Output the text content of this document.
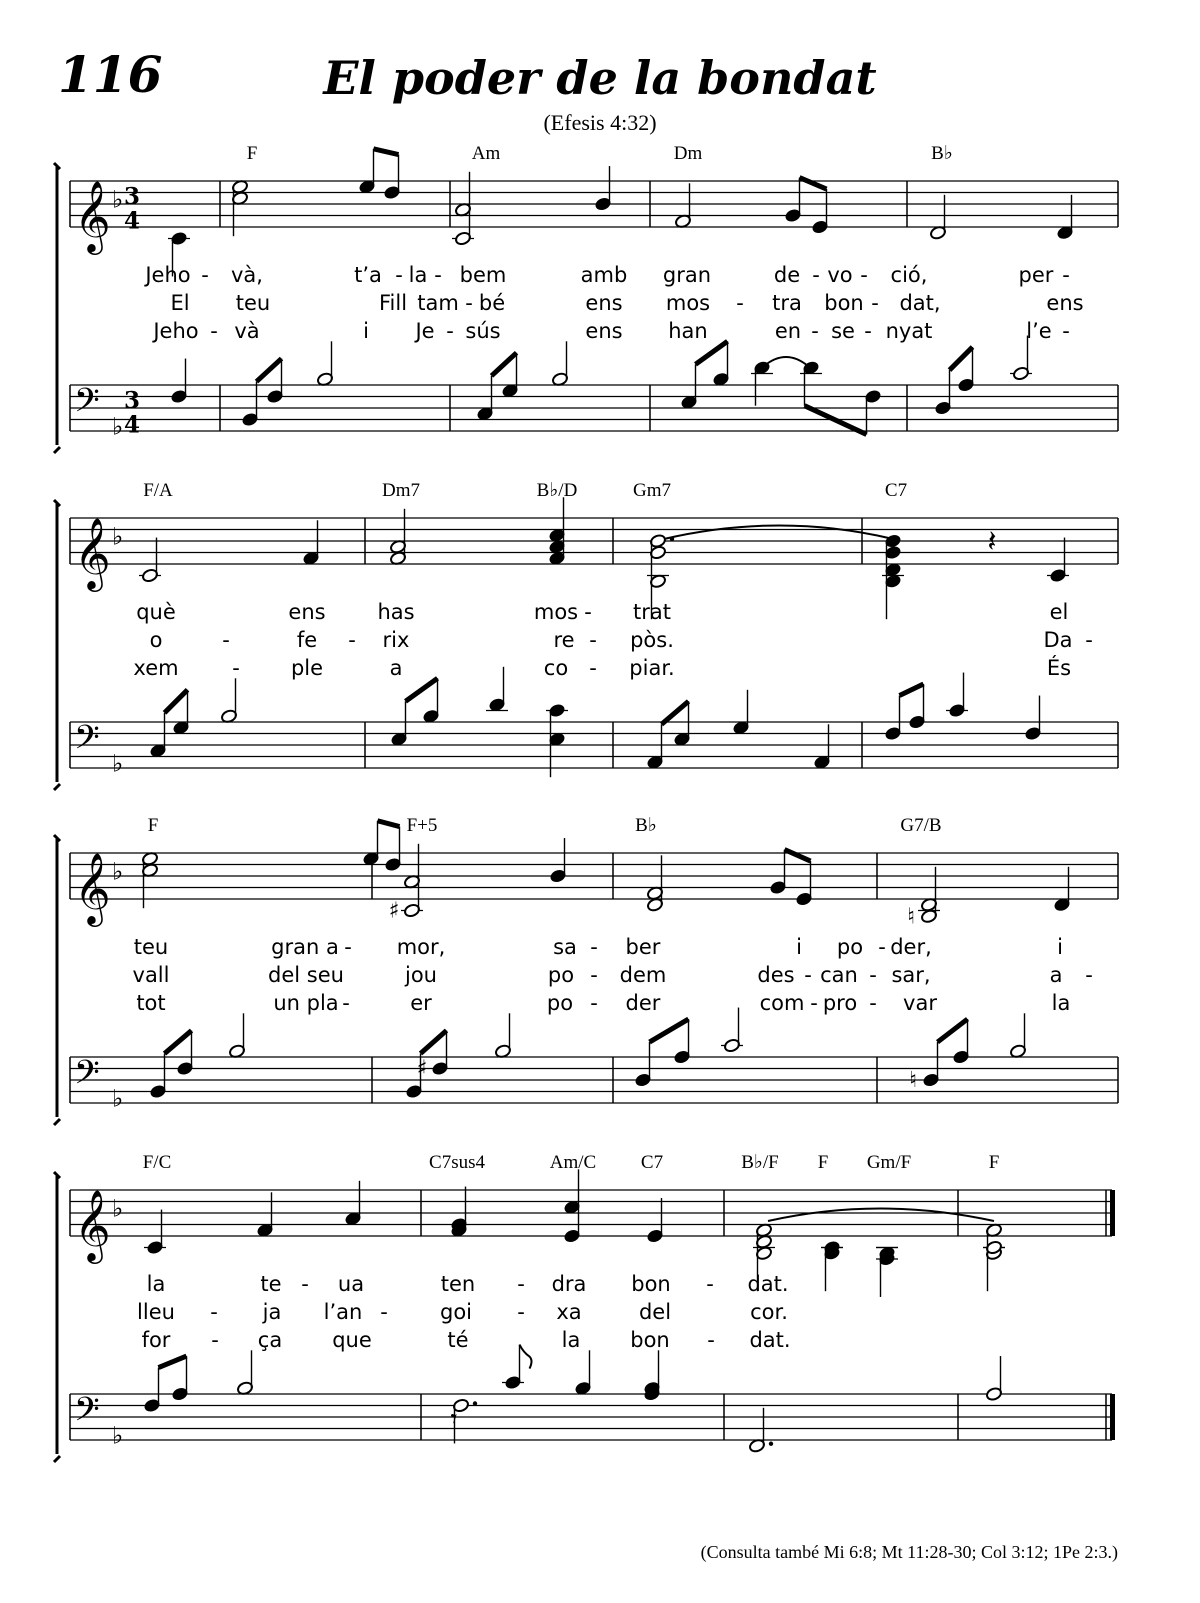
116	El poder de la bondat
(Efesis 4:32)
𝄞 ♭ 3
4
𝄢 ♭
3
4
F	Am	Dm	B♭
Jeho - và,	t’a - la - bem	amb gran	de - vo - ció,	per -
El teu	Fill tam - bé	ens mos - tra bon - dat,	ens
Jeho - và	i Je - sús	ens han	en - se - nyat	l’e -
𝄞 ♭
𝄢 ♭
𝄽
F/A	Dm7	B♭/D	Gm7	C7
què	ens has	mos - trat	el
o	-	fe - rix	re - pòs.	Da -
xem	- ple	a	co - piar.	És
𝄞 ♭
𝄢 ♭
♯	♮
♯	♮
F	F+5	B♭	G7/B
teu	gran a - mor,	sa - ber	i po - der,	i
vall	del seu	jou	po - dem	des - can - sar,	a -
tot	un pla -	er	po - der	com - pro - var	la
𝄞 ♭
𝄢 ♭
𝄾
F/C	C7sus4	Am/C C7	B♭/F F Gm/F	F
la	te - ua	ten - dra bon - dat.
lleu - ja l’an - goi - xa	del	cor.
for - ça que	té	la bon - dat.
(Consulta també Mi 6:8; Mt 11:28-30; Col 3:12; 1Pe 2:3.)
